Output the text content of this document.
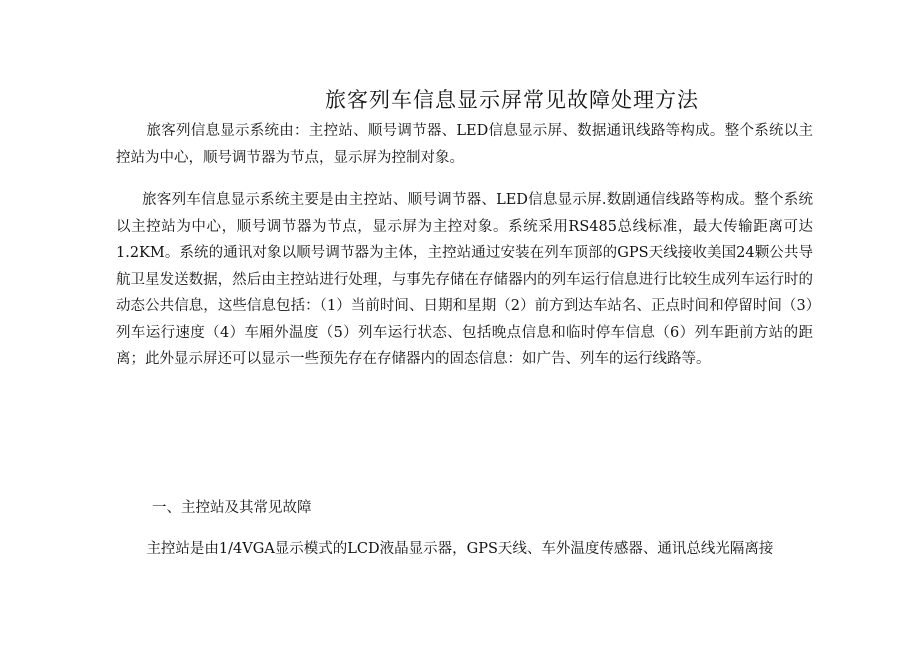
旅客列车信息显示屏常见故障处理方法

旅客列信息显示系统由：主控站、顺号调节器、LED信息显示屏、数据通讯线路等构成。整个系统以主控站为中心，顺号调节器为节点，显示屏为控制对象。

旅客列车信息显示系统主要是由主控站、顺号调节器、LED信息显示屏.数剧通信线路等构成。整个系统以主控站为中心，顺号调节器为节点，显示屏为主控对象。系统采用RS485总线标准，最大传输距离可达1.2KM。系统的通讯对象以顺号调节器为主体，主控站通过安装在列车顶部的GPS天线接收美国24颗公共导航卫星发送数据，然后由主控站进行处理，与事先存储在存储器内的列车运行信息进行比较生成列车运行时的动态公共信息，这些信息包括：（1）当前时间、日期和星期（2）前方到达车站名、正点时间和停留时间（3）列车运行速度（4）车厢外温度（5）列车运行状态、包括晚点信息和临时停车信息（6）列车距前方站的距离；此外显示屏还可以显示一些预先存在存储器内的固态信息：如广告、列车的运行线路等。

一、主控站及其常见故障

主控站是由1/4VGA显示模式的LCD液晶显示器，GPS天线、车外温度传感器、通讯总线光隔离接
